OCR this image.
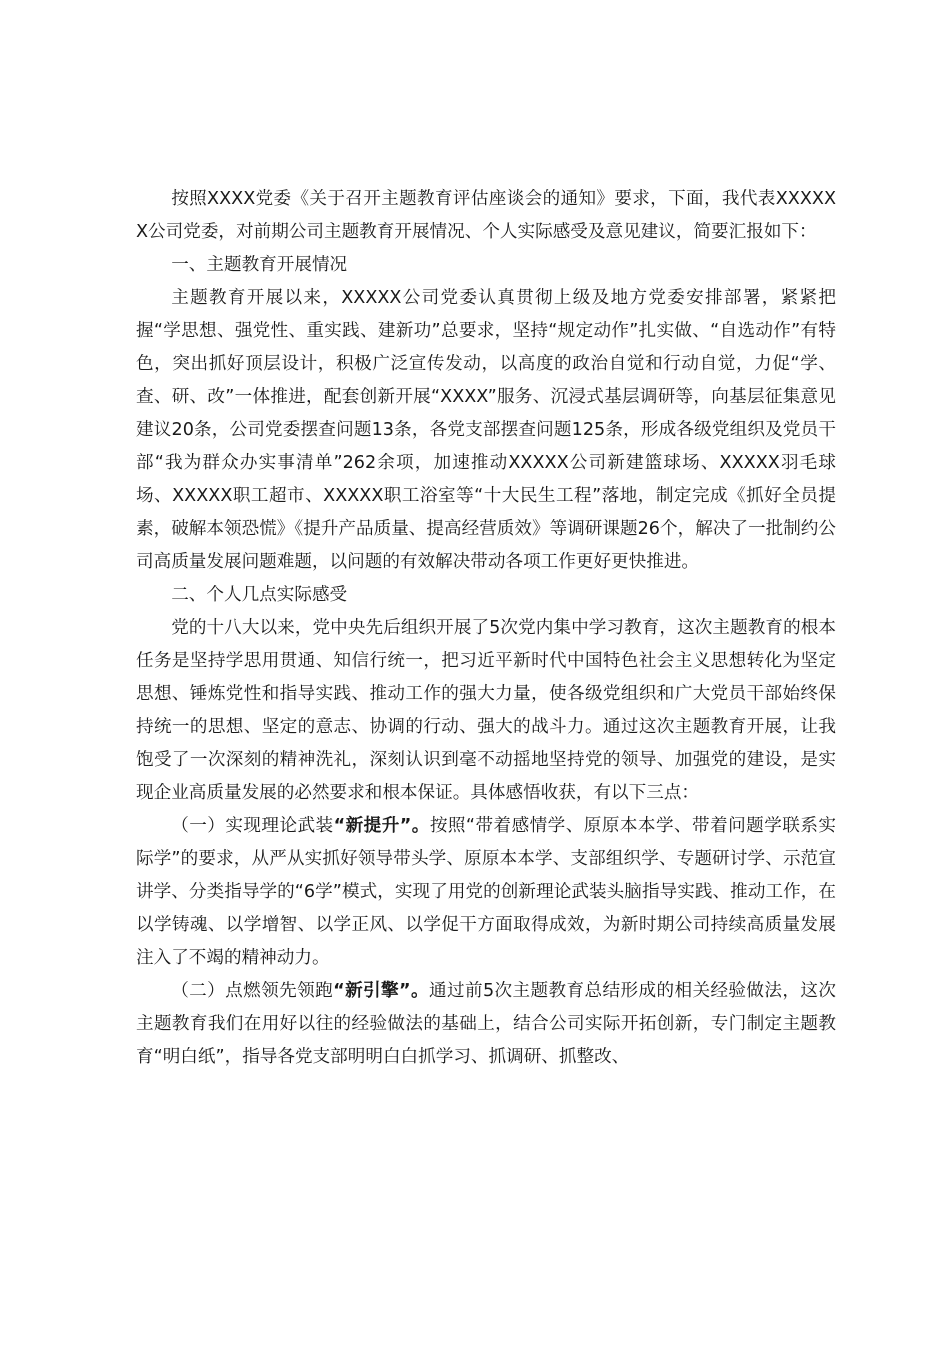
按照XXXX党委《关于召开主题教育评估座谈会的通知》要求，下面，我代表XXXXXX公司党委，对前期公司主题教育开展情况、个人实际感受及意见建议，简要汇报如下：

一、主题教育开展情况

主题教育开展以来，XXXXX公司党委认真贯彻上级及地方党委安排部署，紧紧把握“学思想、强党性、重实践、建新功”总要求，坚持“规定动作”扎实做、“自选动作”有特色，突出抓好顶层设计，积极广泛宣传发动，以高度的政治自觉和行动自觉，力促“学、查、研、改”一体推进，配套创新开展“XXXX”服务、沉浸式基层调研等，向基层征集意见建议20条，公司党委摆查问题13条，各党支部摆查问题125条，形成各级党组织及党员干部“我为群众办实事清单”262余项，加速推动XXXXX公司新建篮球场、XXXXX羽毛球场、XXXXX职工超市、XXXXX职工浴室等“十大民生工程”落地，制定完成《抓好全员提素，破解本领恐慌》《提升产品质量、提高经营质效》等调研课题26个，解决了一批制约公司高质量发展问题难题，以问题的有效解决带动各项工作更好更快推进。

二、个人几点实际感受

党的十八大以来，党中央先后组织开展了5次党内集中学习教育，这次主题教育的根本任务是坚持学思用贯通、知信行统一，把习近平新时代中国特色社会主义思想转化为坚定思想、锤炼党性和指导实践、推动工作的强大力量，使各级党组织和广大党员干部始终保持统一的思想、坚定的意志、协调的行动、强大的战斗力。通过这次主题教育开展，让我饱受了一次深刻的精神洗礼，深刻认识到毫不动摇地坚持党的领导、加强党的建设，是实现企业高质量发展的必然要求和根本保证。具体感悟收获，有以下三点：

（一）实现理论武装“新提升”。按照“带着感情学、原原本本学、带着问题学联系实际学”的要求，从严从实抓好领导带头学、原原本本学、支部组织学、专题研讨学、示范宣讲学、分类指导学的“6学”模式，实现了用党的创新理论武装头脑指导实践、推动工作，在以学铸魂、以学增智、以学正风、以学促干方面取得成效，为新时期公司持续高质量发展注入了不竭的精神动力。

（二）点燃领先领跑“新引擎”。通过前5次主题教育总结形成的相关经验做法，这次主题教育我们在用好以往的经验做法的基础上，结合公司实际开拓创新，专门制定主题教育“明白纸”，指导各党支部明明白白抓学习、抓调研、抓整改、
